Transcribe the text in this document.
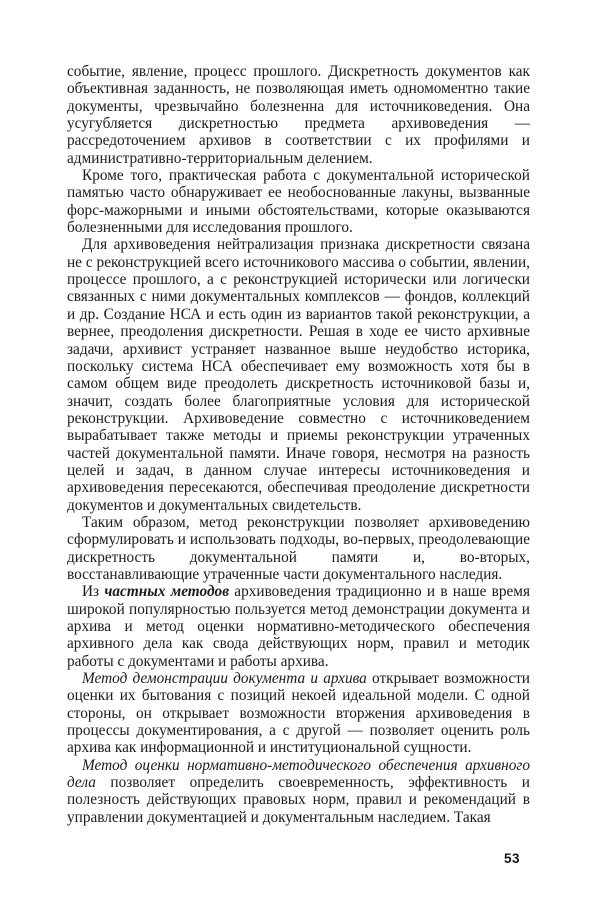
событие, явление, процесс прошлого. Дискретность документов как объективная заданность, не позволяющая иметь одномоментно такие документы, чрезвычайно болезненна для источниковедения. Она усугубляется дискретностью предмета архивоведения — рассредоточением архивов в соответствии с их профилями и административно-территориальным делением.

Кроме того, практическая работа с документальной исторической памятью часто обнаруживает ее необоснованные лакуны, вызванные форс-мажорными и иными обстоятельствами, которые оказываются болезненными для исследования прошлого.

Для архивоведения нейтрализация признака дискретности связана не с реконструкцией всего источникового массива о событии, явлении, процессе прошлого, а с реконструкцией исторически или логически связанных с ними документальных комплексов — фондов, коллекций и др. Создание НСА и есть один из вариантов такой реконструкции, а вернее, преодоления дискретности. Решая в ходе ее чисто архивные задачи, архивист устраняет названное выше неудобство историка, поскольку система НСА обеспечивает ему возможность хотя бы в самом общем виде преодолеть дискретность источниковой базы и, значит, создать более благоприятные условия для исторической реконструкции. Архивоведение совместно с источниковедением вырабатывает также методы и приемы реконструкции утраченных частей документальной памяти. Иначе говоря, несмотря на разность целей и задач, в данном случае интересы источниковедения и архивоведения пересекаются, обеспечивая преодоление дискретности документов и документальных свидетельств.

Таким образом, метод реконструкции позволяет архивоведению сформулировать и использовать подходы, во-первых, преодолевающие дискретность документальной памяти и, во-вторых, восстанавливающие утраченные части документального наследия.

Из частных методов архивоведения традиционно и в наше время широкой популярностью пользуется метод демонстрации документа и архива и метод оценки нормативно-методического обеспечения архивного дела как свода действующих норм, правил и методик работы с документами и работы архива.

Метод демонстрации документа и архива открывает возможности оценки их бытования с позиций некоей идеальной модели. С одной стороны, он открывает возможности вторжения архивоведения в процессы документирования, а с другой — позволяет оценить роль архива как информационной и институциональной сущности.

Метод оценки нормативно-методического обеспечения архивного дела позволяет определить своевременность, эффективность и полезность действующих правовых норм, правил и рекомендаций в управлении документацией и документальным наследием. Такая

53
